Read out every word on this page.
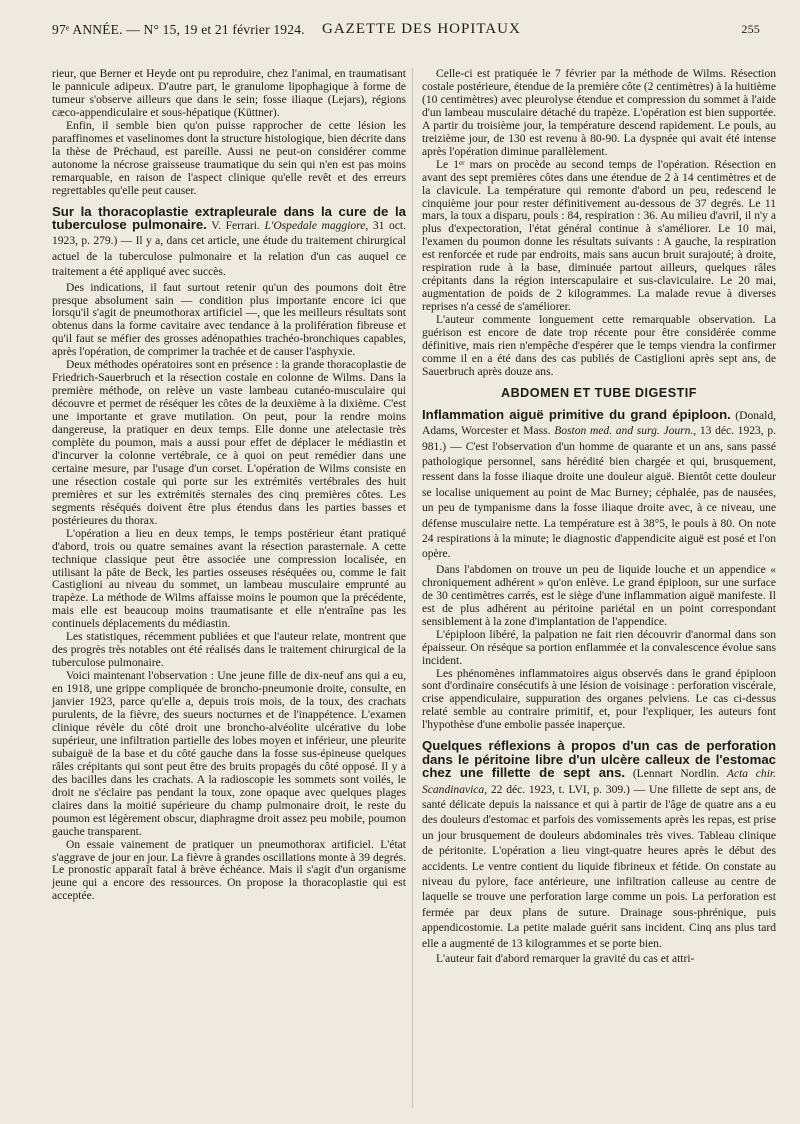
97ᵉ ANNÉE. — N° 15, 19 et 21 février 1924. GAZETTE DES HOPITAUX	255

rieur, que Berner et Heyde ont pu reproduire, chez l'animal, en traumatisant le pannicule adipeux. D'autre part, le granulome lipophagique à forme de tumeur s'observe ailleurs que dans le sein; fosse iliaque (Lejars), régions cæco-appendiculaire et sous-hépatique (Küttner).

Enfin, il semble bien qu'on puisse rapprocher de cette lésion les paraffinomes et vaselinomes dont la structure histologique, bien décrite dans la thèse de Préchaud, est pareille. Aussi ne peut-on considérer comme autonome la nécrose graisseuse traumatique du sein qui n'en est pas moins remarquable, en raison de l'aspect clinique qu'elle revêt et des erreurs regrettables qu'elle peut causer.

Sur la thoracoplastie extrapleurale dans la cure de la tuberculose pulmonaire. V. Ferrari. L'Ospedale maggiore, 31 oct. 1923, p. 279.) — Il y a, dans cet article, une étude du traitement chirurgical actuel de la tuberculose pulmonaire et la relation d'un cas auquel ce traitement a été appliqué avec succès.

Des indications, il faut surtout retenir qu'un des poumons doit être presque absolument sain — condition plus importante encore ici que lorsqu'il s'agit de pneumothorax artificiel —, que les meilleurs résultats sont obtenus dans la forme cavitaire avec tendance à la prolifération fibreuse et qu'il faut se méfier des grosses adénopathies trachéo-bronchiques capables, après l'opération, de comprimer la trachée et de causer l'asphyxie.

Deux méthodes opératoires sont en présence : la grande thoracoplastie de Friedrich-Sauerbruch et la résection costale en colonne de Wilms. Dans la première méthode, on relève un vaste lambeau cutanéo-musculaire qui découvre et permet de réséquer les côtes de la deuxième à la dixième. C'est une importante et grave mutilation. On peut, pour la rendre moins dangereuse, la pratiquer en deux temps. Elle donne une atelectasie très complète du poumon, mais a aussi pour effet de déplacer le médiastin et d'incurver la colonne vertébrale, ce à quoi on peut remédier dans une certaine mesure, par l'usage d'un corset. L'opération de Wilms consiste en une résection costale qui porte sur les extrémités vertébrales des huit premières et sur les extrémités sternales des cinq premières côtes. Les segments réséqués doivent être plus étendus dans les parties basses et postérieures du thorax.

L'opération a lieu en deux temps, le temps postérieur étant pratiqué d'abord, trois ou quatre semaines avant la résection parasternale. A cette technique classique peut être associée une compression localisée, en utilisant la pâte de Beck, les parties osseuses réséquées ou, comme le fait Castiglioni au niveau du sommet, un lambeau musculaire emprunté au trapèze. La méthode de Wilms affaisse moins le poumon que la précédente, mais elle est beaucoup moins traumatisante et elle n'entraîne pas les continuels déplacements du médiastin.

Les statistiques, récemment publiées et que l'auteur relate, montrent que des progrès très notables ont été réalisés dans le traitement chirurgical de la tuberculose pulmonaire.

Voici maintenant l'observation : Une jeune fille de dix-neuf ans qui a eu, en 1918, une grippe compliquée de broncho-pneumonie droite, consulte, en janvier 1923, parce qu'elle a, depuis trois mois, de la toux, des crachats purulents, de la fièvre, des sueurs nocturnes et de l'inappétence. L'examen clinique révèle du côté droit une broncho-alvéolite ulcérative du lobe supérieur, une infiltration partielle des lobes moyen et inférieur, une pleurite subaiguë de la base et du côté gauche dans la fosse sus-épineuse quelques râles crépitants qui sont peut être des bruits propagés du côté opposé. Il y a des bacilles dans les crachats. A la radioscopie les sommets sont voilés, le droit ne s'éclaire pas pendant la toux, zone opaque avec quelques plages claires dans la moitié supérieure du champ pulmonaire droit, le reste du poumon est légèrement obscur, diaphragme droit assez peu mobile, poumon gauche transparent.

On essaie vainement de pratiquer un pneumothorax artificiel. L'état s'aggrave de jour en jour. La fièvre à grandes oscillations monte à 39 degrés. Le pronostic apparaît fatal à brève échéance. Mais il s'agit d'un organisme jeune qui a encore des ressources. On propose la thoracoplastie qui est acceptée.

Celle-ci est pratiquée le 7 février par la méthode de Wilms. Résection costale postérieure, étendue de la première côte (2 centimètres) à la huitième (10 centimètres) avec pleurolyse étendue et compression du sommet à l'aide d'un lambeau musculaire détaché du trapèze. L'opération est bien supportée. A partir du troisième jour, la température descend rapidement. Le pouls, au treizième jour, de 130 est revenu à 80-90. La dyspnée qui avait été intense après l'opération diminue parallèlement.

Le 1ᵉʳ mars on procède au second temps de l'opération. Résection en avant des sept premières côtes dans une étendue de 2 à 14 centimètres et de la clavicule. La température qui remonte d'abord un peu, redescend le cinquième jour pour rester définitivement au-dessous de 37 degrés. Le 11 mars, la toux a disparu, pouls : 84, respiration : 36. Au milieu d'avril, il n'y a plus d'expectoration, l'état général continue à s'améliorer. Le 10 mai, l'examen du poumon donne les résultats suivants : A gauche, la respiration est renforcée et rude par endroits, mais sans aucun bruit surajouté; à droite, respiration rude à la base, diminuée partout ailleurs, quelques râles crépitants dans la région interscapulaire et sus-claviculaire. Le 20 mai, augmentation de poids de 2 kilogrammes. La malade revue à diverses reprises n'a cessé de s'améliorer.

L'auteur commente longuement cette remarquable observation. La guérison est encore de date trop récente pour être considérée comme définitive, mais rien n'empêche d'espérer que le temps viendra la confirmer comme il en a été dans des cas publiés de Castiglioni après sept ans, de Sauerbruch après douze ans.

ABDOMEN ET TUBE DIGESTIF
Inflammation aiguë primitive du grand épiploon. (Donald, Adams, Worcester et Mass. Boston med. and surg. Journ., 13 déc. 1923, p. 981.) — C'est l'observation d'un homme de quarante et un ans, sans passé pathologique personnel, sans hérédité bien chargée et qui, brusquement, ressent dans la fosse iliaque droite une douleur aiguë. Bientôt cette douleur se localise uniquement au point de Mac Burney; céphalée, pas de nausées, un peu de tympanisme dans la fosse iliaque droite avec, à ce niveau, une défense musculaire nette. La température est à 38°5, le pouls à 80. On note 24 respirations à la minute; le diagnostic d'appendicite aiguë est posé et l'on opère.

Dans l'abdomen on trouve un peu de liquide louche et un appendice « chroniquement adhérent » qu'on enlève. Le grand épiploon, sur une surface de 30 centimètres carrés, est le siège d'une inflammation aiguë manifeste. Il est de plus adhérent au péritoine pariétal en un point correspondant sensiblement à la zone d'implantation de l'appendice.

L'épiploon libéré, la palpation ne fait rien découvrir d'anormal dans son épaisseur. On réséque sa portion enflammée et la convalescence évolue sans incident.

Les phénomènes inflammatoires aigus observés dans le grand épiploon sont d'ordinaire consécutifs à une lésion de voisinage : perforation viscérale, crise appendiculaire, suppuration des organes pelviens. Le cas ci-dessus relaté semble au contraire primitif, et, pour l'expliquer, les auteurs font l'hypothèse d'une embolie passée inaperçue.

Quelques réflexions à propos d'un cas de perforation dans le péritoine libre d'un ulcère calleux de l'estomac chez une fillette de sept ans. (Lennart Nordlin. Acta chir. Scandinavica, 22 déc. 1923, t. LVI, p. 309.) — Une fillette de sept ans, de santé délicate depuis la naissance et qui à partir de l'âge de quatre ans a eu des douleurs d'estomac et parfois des vomissements après les repas, est prise un jour brusquement de douleurs abdominales très vives. Tableau clinique de péritonite. L'opération a lieu vingt-quatre heures après le début des accidents. Le ventre contient du liquide fibrineux et fétide. On constate au niveau du pylore, face antérieure, une infiltration calleuse au centre de laquelle se trouve une perforation large comme un pois. La perforation est fermée par deux plans de suture. Drainage sous-phrénique, puis appendicostomie. La petite malade guérit sans incident. Cinq ans plus tard elle a augmenté de 13 kilogrammes et se porte bien.

L'auteur fait d'abord remarquer la gravité du cas et attri-
